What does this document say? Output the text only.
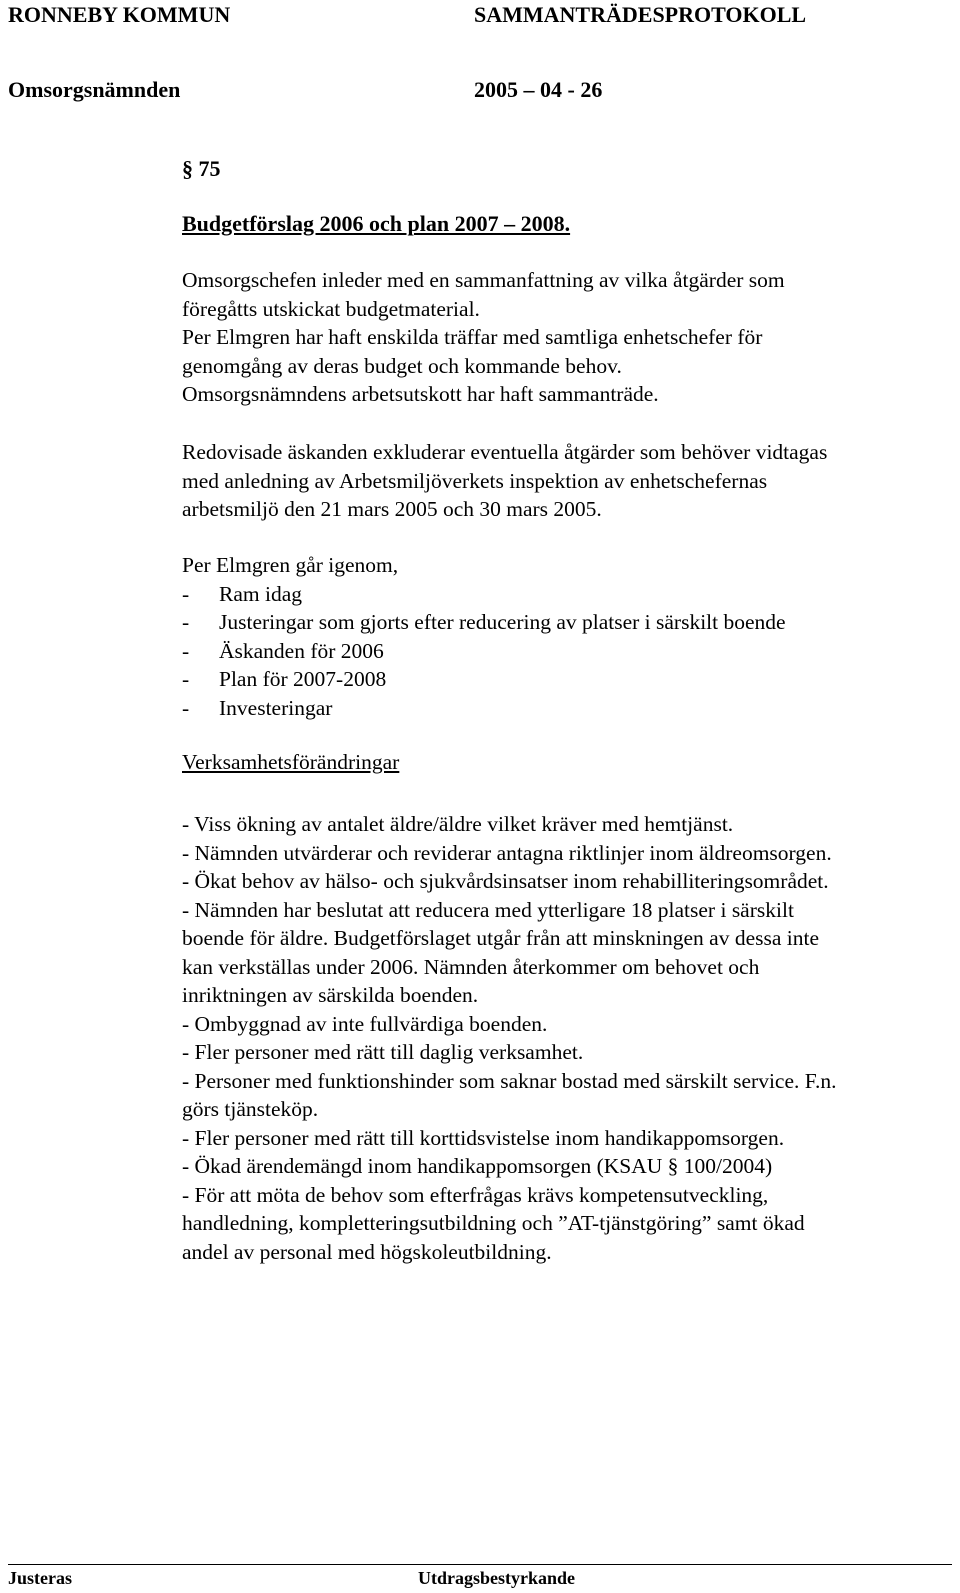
RONNEBY KOMMUN	SAMMANTRÄDESPROTOKOLL
Omsorgsnämnden	2005 – 04 - 26
§ 75
Budgetförslag 2006 och plan 2007 – 2008.
Omsorgschefen inleder med en sammanfattning av vilka åtgärder som
föregåtts utskickat budgetmaterial.
Per Elmgren har haft enskilda träffar med samtliga enhetschefer för
genomgång av deras budget och kommande behov.
Omsorgsnämndens arbetsutskott har haft sammanträde.
Redovisade äskanden exkluderar eventuella åtgärder som behöver vidtagas
med anledning av Arbetsmiljöverkets inspektion av enhetschefernas
arbetsmiljö den 21 mars 2005 och 30 mars 2005.
Per Elmgren går igenom,
- Ram idag
- Justeringar som gjorts efter reducering av platser i särskilt boende
- Äskanden för 2006
- Plan för 2007-2008
- Investeringar
Verksamhetsförändringar
- Viss ökning av antalet äldre/äldre vilket kräver med hemtjänst.
- Nämnden utvärderar och reviderar antagna riktlinjer inom äldreomsorgen.
- Ökat behov av hälso- och sjukvårdsinsatser inom rehabilliteringsområdet.
- Nämnden har beslutat att reducera med ytterligare 18 platser i särskilt
boende för äldre. Budgetförslaget utgår från att minskningen av dessa inte
kan verkställas under 2006. Nämnden återkommer om behovet och
inriktningen av särskilda boenden.
- Ombyggnad av inte fullvärdiga boenden.
- Fler personer med rätt till daglig verksamhet.
- Personer med funktionshinder som saknar bostad med särskilt service. F.n.
görs tjänsteköp.
- Fler personer med rätt till korttidsvistelse inom handikappomsorgen.
- Ökad ärendemängd inom handikappomsorgen (KSAU § 100/2004)
- För att möta de behov som efterfrågas krävs kompetensutveckling,
handledning, kompletteringsutbildning och ”AT-tjänstgöring” samt ökad
andel av personal med högskoleutbildning.
Justeras	Utdragsbestyrkande
